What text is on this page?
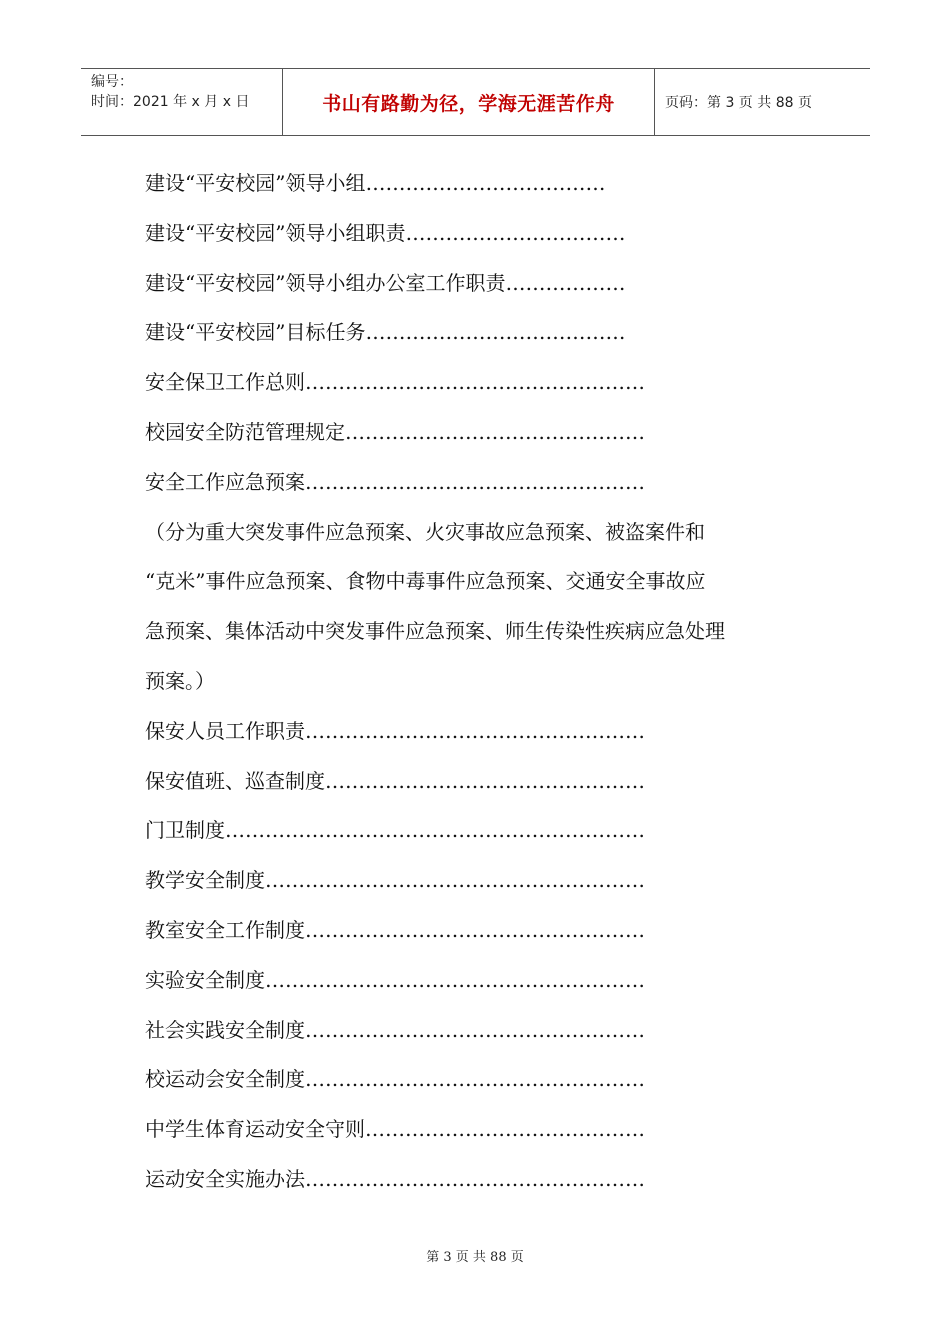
编号：
时间：2021 年 x 月 x 日	书山有路勤为径，学海无涯苦作舟	页码：第 3 页 共 88 页
建设“平安校园”领导小组………………………………
建设“平安校园”领导小组职责……………………………
建设“平安校园”领导小组办公室工作职责………………
建设“平安校园”目标任务…………………………………
安全保卫工作总则……………………………………………
校园安全防范管理规定………………………………………
安全工作应急预案……………………………………………
（分为重大突发事件应急预案、火灾事故应急预案、被盗案件和
“克米”事件应急预案、食物中毒事件应急预案、交通安全事故应
急预案、集体活动中突发事件应急预案、师生传染性疾病应急处理
预案。）
保安人员工作职责……………………………………………
保安值班、巡查制度…………………………………………
门卫制度………………………………………………………
教学安全制度…………………………………………………
教室安全工作制度……………………………………………
实验安全制度…………………………………………………
社会实践安全制度……………………………………………
校运动会安全制度……………………………………………
中学生体育运动安全守则……………………………………
运动安全实施办法……………………………………………
第 3 页 共 88 页
